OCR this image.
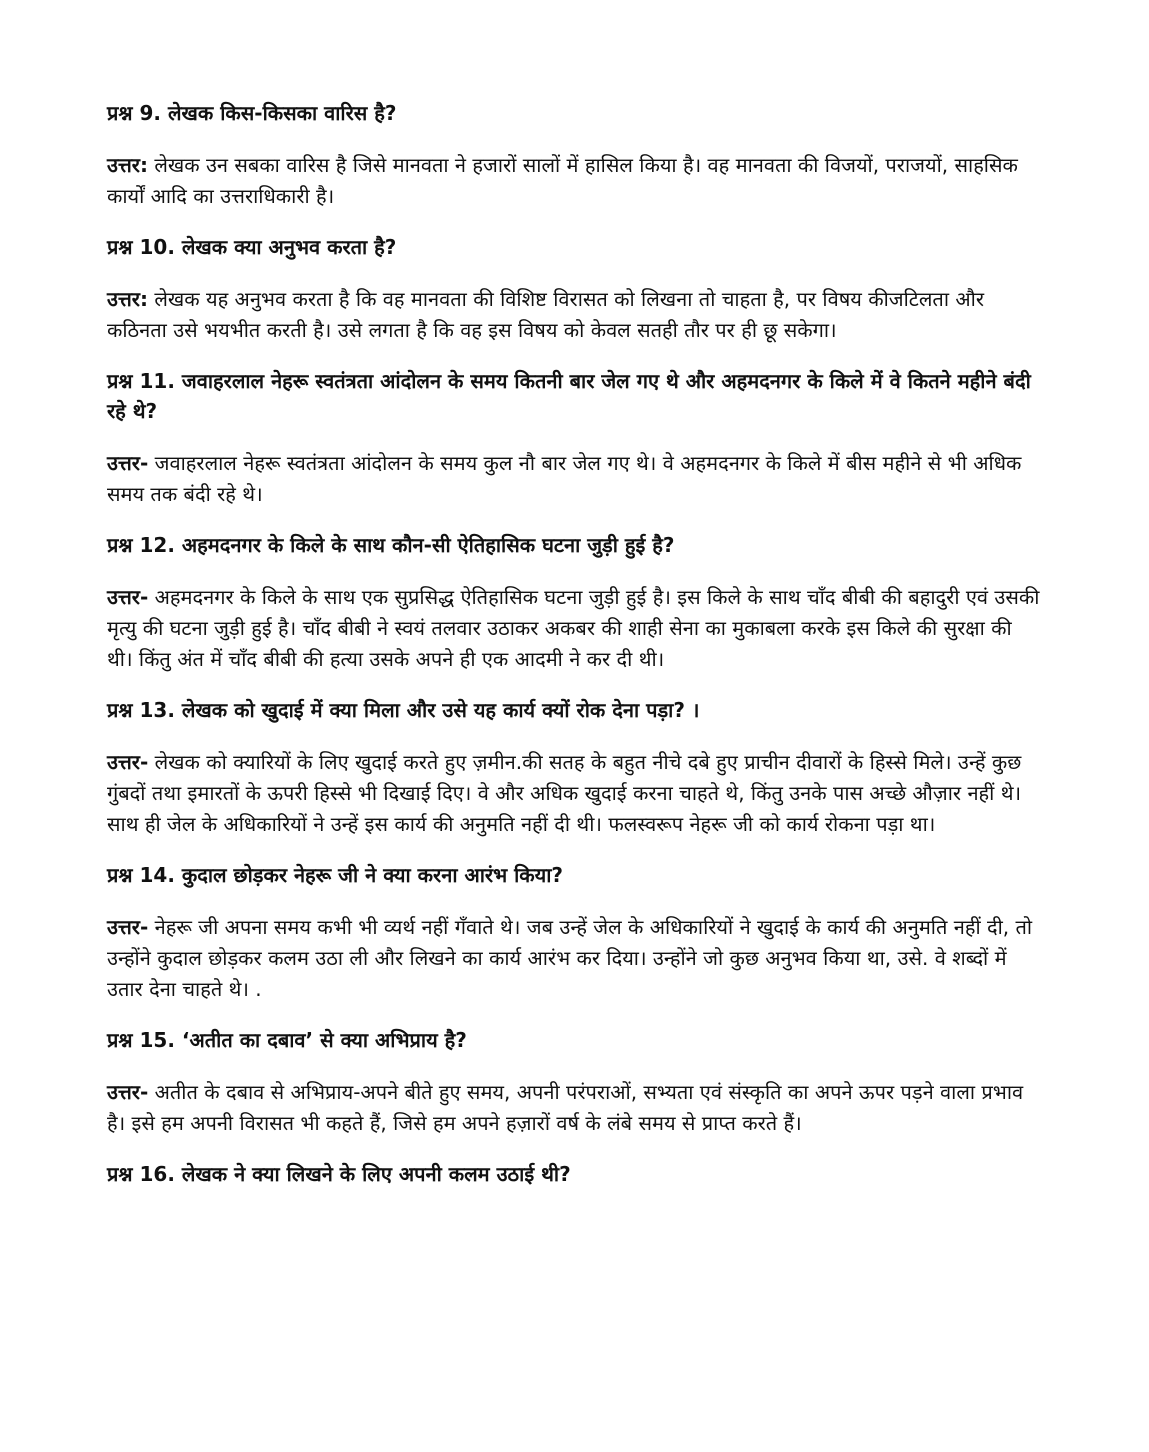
प्रश्न 9. लेखक किस-किसका वारिस है?

उत्तर: लेखक उन सबका वारिस है जिसे मानवता ने हजारों सालों में हासिल किया है। वह मानवता की विजयों, पराजयों, साहसिक कार्यों आदि का उत्तराधिकारी है।

प्रश्न 10. लेखक क्या अनुभव करता है?

उत्तर: लेखक यह अनुभव करता है कि वह मानवता की विशिष्ट विरासत को लिखना तो चाहता है, पर विषय कीजटिलता और कठिनता उसे भयभीत करती है। उसे लगता है कि वह इस विषय को केवल सतही तौर पर ही छू सकेगा।

प्रश्न 11. जवाहरलाल नेहरू स्वतंत्रता आंदोलन के समय कितनी बार जेल गए थे और अहमदनगर के किले में वे कितने महीने बंदी रहे थे?

उत्तर- जवाहरलाल नेहरू स्वतंत्रता आंदोलन के समय कुल नौ बार जेल गए थे। वे अहमदनगर के किले में बीस महीने से भी अधिक समय तक बंदी रहे थे।

प्रश्न 12. अहमदनगर के किले के साथ कौन-सी ऐतिहासिक घटना जुड़ी हुई है?

उत्तर- अहमदनगर के किले के साथ एक सुप्रसिद्ध ऐतिहासिक घटना जुड़ी हुई है। इस किले के साथ चाँद बीबी की बहादुरी एवं उसकी मृत्यु की घटना जुड़ी हुई है। चाँद बीबी ने स्वयं तलवार उठाकर अकबर की शाही सेना का मुकाबला करके इस किले की सुरक्षा की थी। किंतु अंत में चाँद बीबी की हत्या उसके अपने ही एक आदमी ने कर दी थी।

प्रश्न 13. लेखक को खुदाई में क्या मिला और उसे यह कार्य क्यों रोक देना पड़ा? ।

उत्तर- लेखक को क्यारियों के लिए खुदाई करते हुए ज़मीन.की सतह के बहुत नीचे दबे हुए प्राचीन दीवारों के हिस्से मिले। उन्हें कुछ गुंबदों तथा इमारतों के ऊपरी हिस्से भी दिखाई दिए। वे और अधिक खुदाई करना चाहते थे, किंतु उनके पास अच्छे औज़ार नहीं थे। साथ ही जेल के अधिकारियों ने उन्हें इस कार्य की अनुमति नहीं दी थी। फलस्वरूप नेहरू जी को कार्य रोकना पड़ा था।

प्रश्न 14. कुदाल छोड़कर नेहरू जी ने क्या करना आरंभ किया?

उत्तर- नेहरू जी अपना समय कभी भी व्यर्थ नहीं गँवाते थे। जब उन्हें जेल के अधिकारियों ने खुदाई के कार्य की अनुमति नहीं दी, तो उन्होंने कुदाल छोड़कर कलम उठा ली और लिखने का कार्य आरंभ कर दिया। उन्होंने जो कुछ अनुभव किया था, उसे. वे शब्दों में उतार देना चाहते थे। .

प्रश्न 15. ‘अतीत का दबाव’ से क्या अभिप्राय है?

उत्तर- अतीत के दबाव से अभिप्राय-अपने बीते हुए समय, अपनी परंपराओं, सभ्यता एवं संस्कृति का अपने ऊपर पड़ने वाला प्रभाव है। इसे हम अपनी विरासत भी कहते हैं, जिसे हम अपने हज़ारों वर्ष के लंबे समय से प्राप्त करते हैं।

प्रश्न 16. लेखक ने क्या लिखने के लिए अपनी कलम उठाई थी?
